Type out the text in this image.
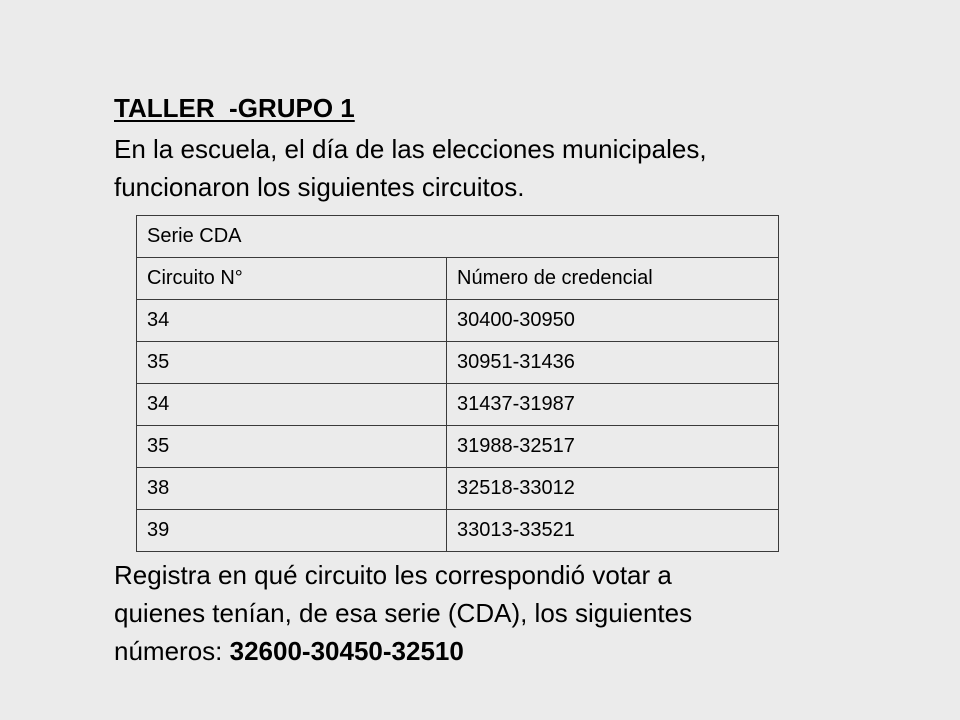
TALLER  -GRUPO 1

En la escuela, el día de las elecciones municipales,

funcionaron los siguientes circuitos.

Serie CDA	
Circuito N°	Número de credencial
34	30400-30950
35	30951-31436
34	31437-31987
35	31988-32517
38	32518-33012
39	33013-33521

Registra en qué circuito les correspondió votar a

quienes tenían, de esa serie (CDA), los siguientes

números: 32600-30450-32510
